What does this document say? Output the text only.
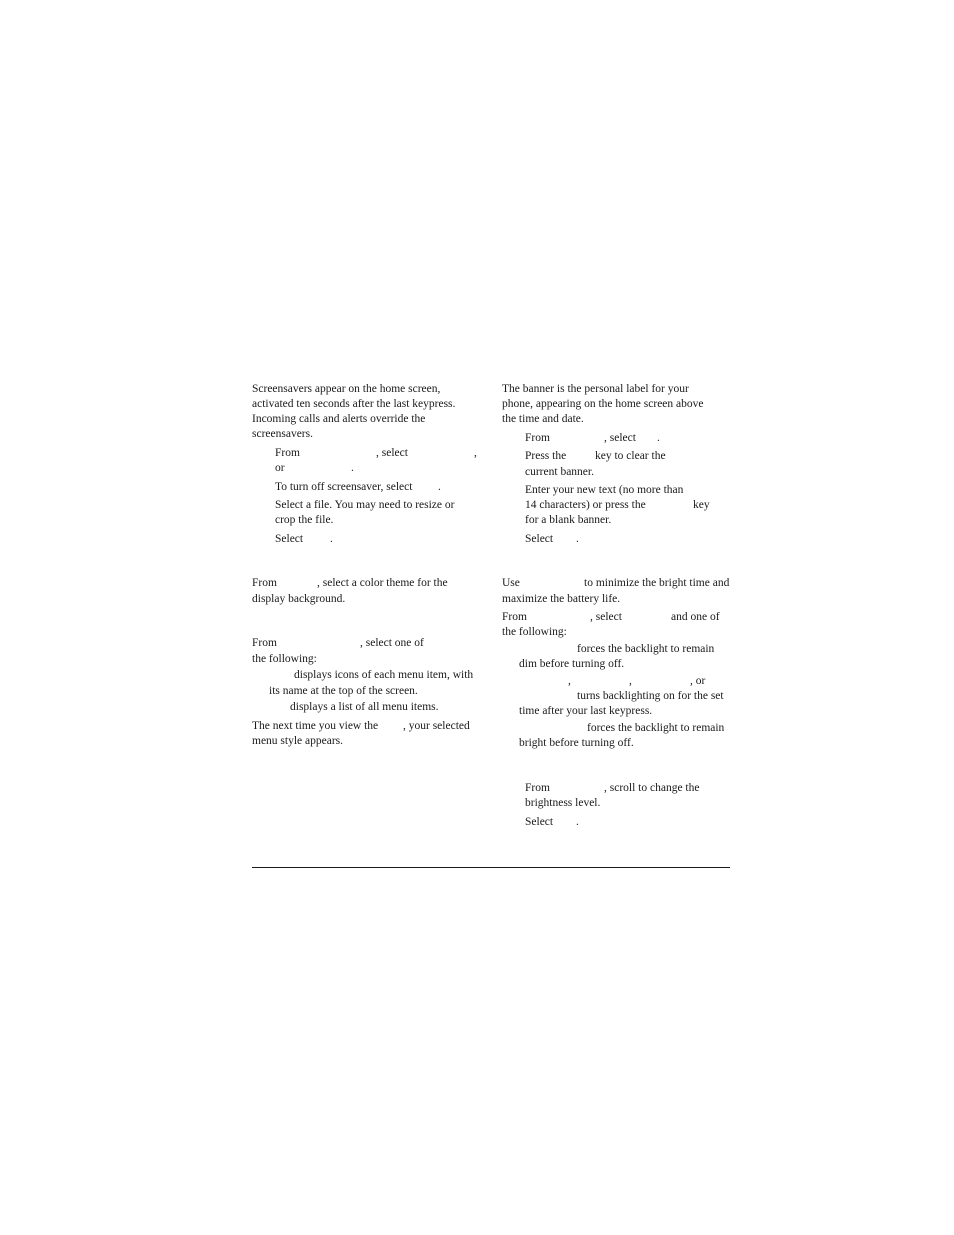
Screensavers appear on the home screen,

activated ten seconds after the last keypress.

Incoming calls and alerts override the

screensavers.

From	, select	,

or	.

To turn off screensaver, select .

Select a file. You may need to resize or

crop the file.

Select .

From	, select a color theme for the

display background.

From	, select one of

the following:

displays icons of each menu item, with

its name at the top of the screen.

displays a list of all menu items.

The next time you view the , your selected

menu style appears.

The banner is the personal label for your

phone, appearing on the home screen above

the time and date.

From	, select .

Press the	key to clear the

current banner.

Enter your new text (no more than

14 characters) or press the	key

for a blank banner.

Select .

Use	to minimize the bright time and

maximize the battery life.

From	, select	and one of

the following:

forces the backlight to remain

dim before turning off.

,	,	, or

turns backlighting on for the set

time after your last keypress.

forces the backlight to remain

bright before turning off.

From	, scroll to change the

brightness level.

Select .
